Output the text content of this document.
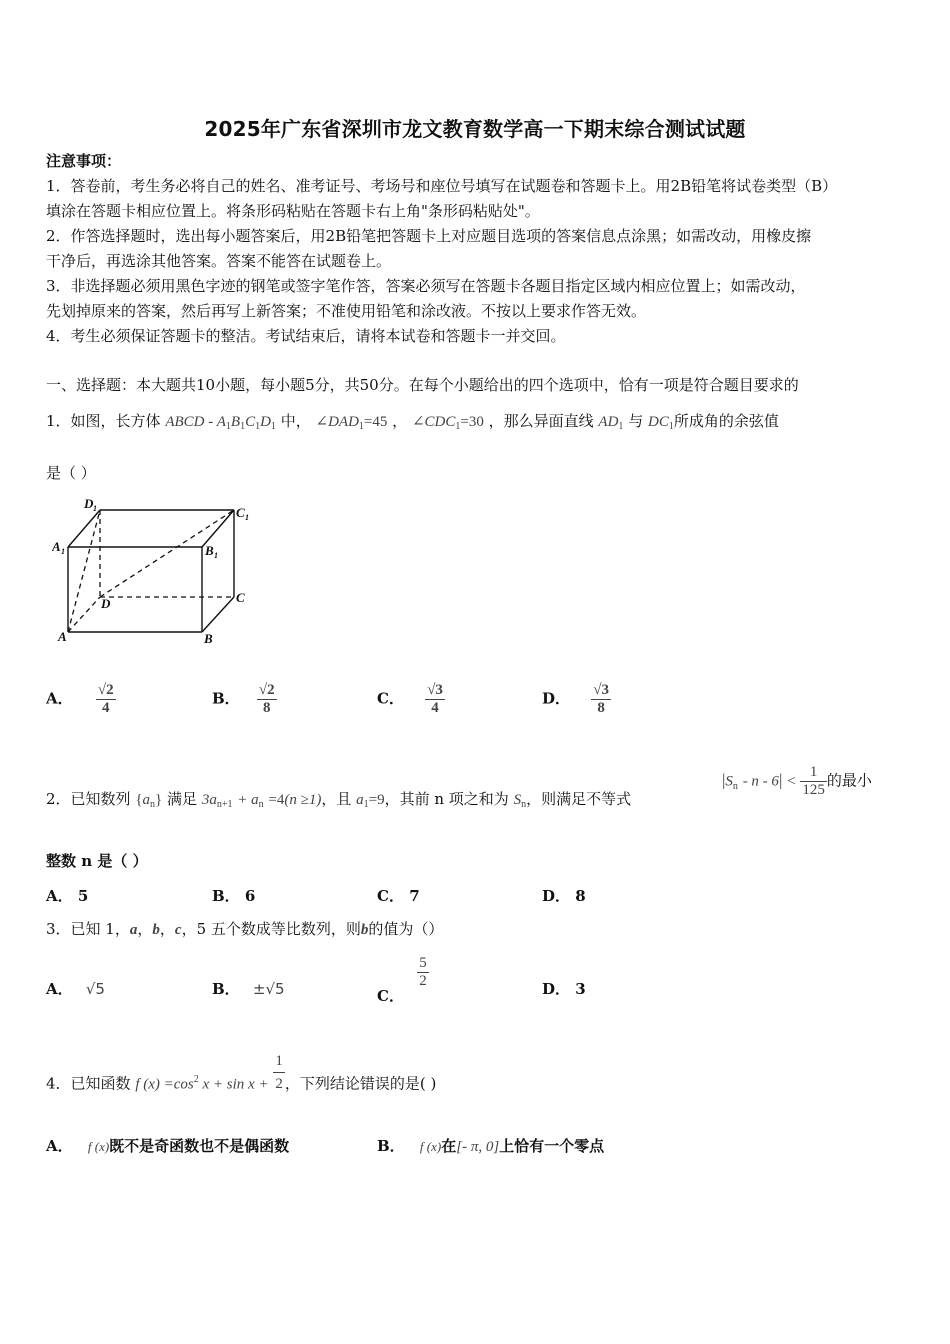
2025年广东省深圳市龙文教育数学高一下期末综合测试试题
注意事项：
1．答卷前，考生务必将自己的姓名、准考证号、考场号和座位号填写在试题卷和答题卡上。用2B铅笔将试卷类型（B）
填涂在答题卡相应位置上。将条形码粘贴在答题卡右上角"条形码粘贴处"。
2．作答选择题时，选出每小题答案后，用2B铅笔把答题卡上对应题目选项的答案信息点涂黑；如需改动，用橡皮擦
干净后，再选涂其他答案。答案不能答在试题卷上。
3．非选择题必须用黑色字迹的钢笔或签字笔作答，答案必须写在答题卡各题目指定区域内相应位置上；如需改动，
先划掉原来的答案，然后再写上新答案；不准使用铅笔和涂改液。不按以上要求作答无效。
4．考生必须保证答题卡的整洁。考试结束后，请将本试卷和答题卡一并交回。
一、选择题：本大题共10小题，每小题5分，共50分。在每个小题给出的四个选项中，恰有一项是符合题目要求的
1．如图，长方体 ABCD - $A_1B_1C_1D_1$ 中， $\angle DAD_1=45$ ， $\angle CDC_1=30$ ，那么异面直线 $AD_1$ 与 $DC_1$所成角的余弦值
是（ ）
D 1	C 1
A 1	B 1
D	C
A	B
A． $\frac{√2}{4}$	B． $\frac{√2}{8}$	C． $\frac{√3}{4}$	D． $\frac{√3}{8}$
2．已知数列 $\{a_n\}$ 满足 $3a_{n+1} + a_n =4(n \ge 1)$，且 $a_1=9$，其前 n 项之和为 $S_n$，则满足不等式
$|S_n - n - 6| < \frac{1}{125}$ 的最小
整数 n 是（ ）
A． 5	B． 6	C． 7	D． 8
3．已知 1，a，b，c，5 五个数成等比数列，则b的值为（）
A． √5	B． ±√5	C．
$\frac{5}{2}$	D． 3
4．已知函数 f $(x) =\cos^2$ $x + \sin x + \frac{1}{2}$ ，下列结论错误的是( )
A． f (x)既不是奇函数也不是偶函数	B． f (x)在[- π, 0]上恰有一个零点
